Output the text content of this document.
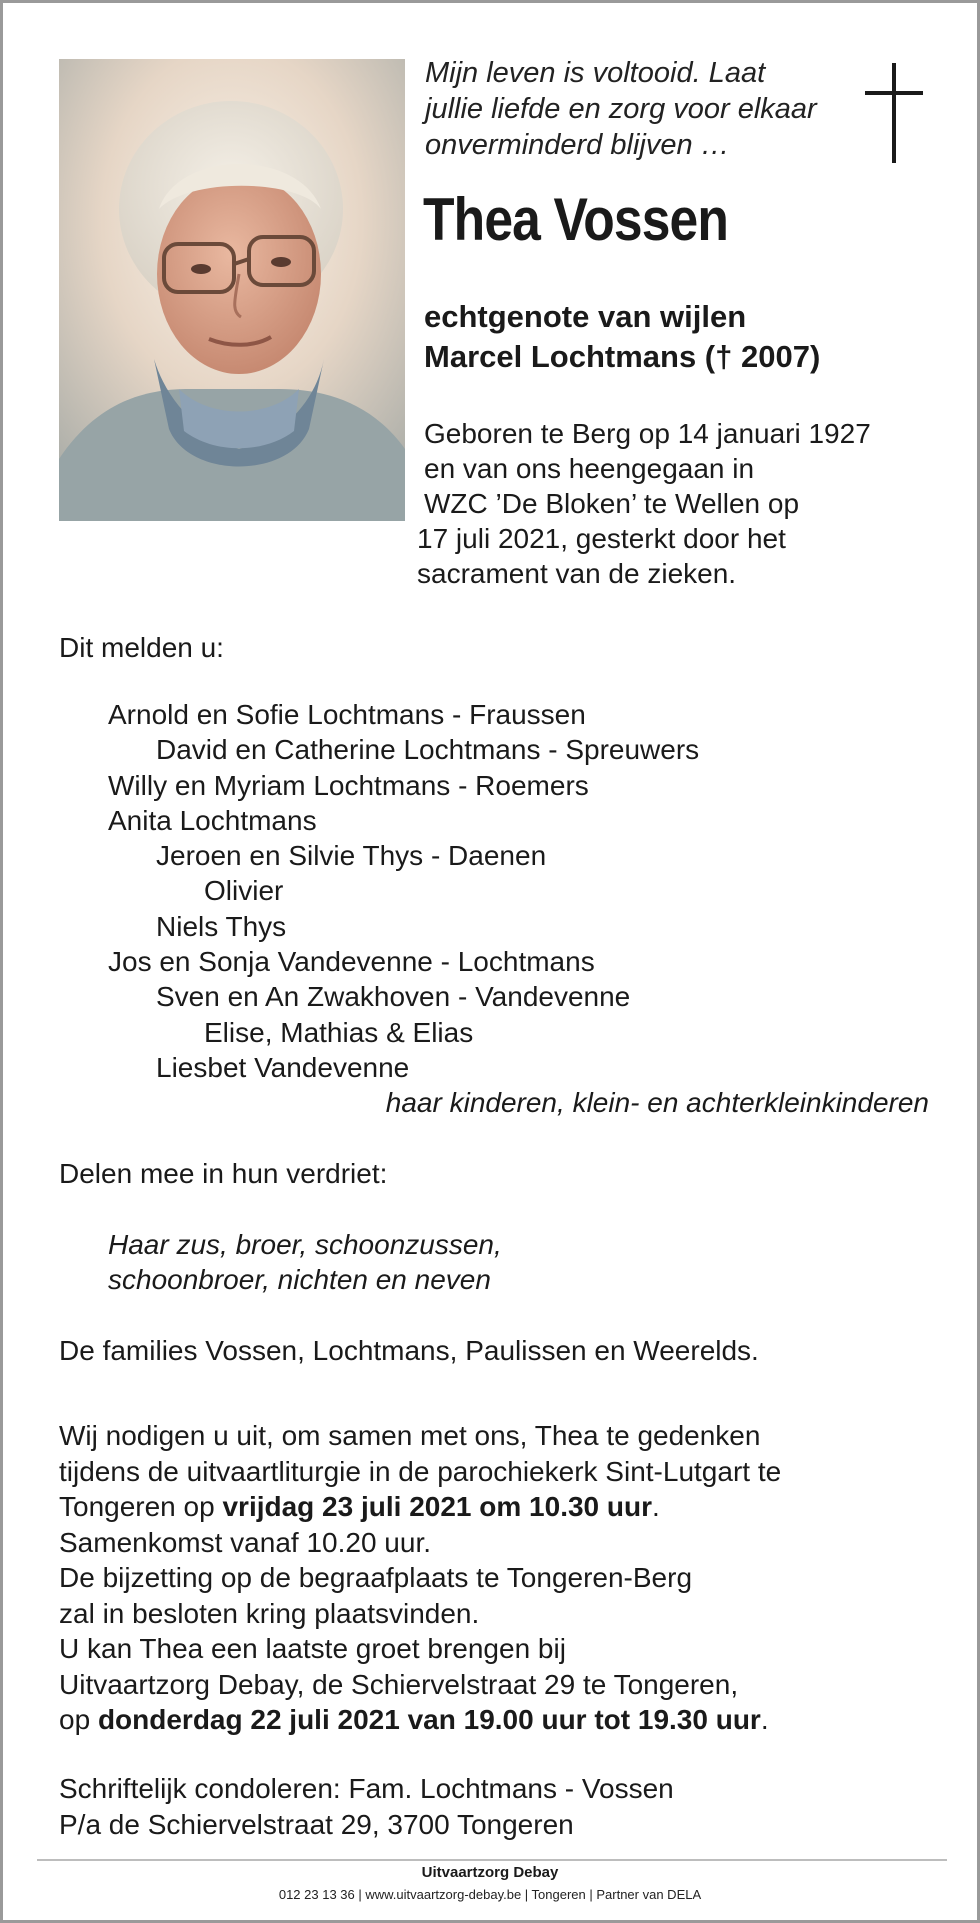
Mijn leven is voltooid. Laat
jullie liefde en zorg voor elkaar
onverminderd blijven …
Thea Vossen
echtgenote van wijlen
Marcel Lochtmans († 2007)
Geboren te Berg op 14 januari 1927
en van ons heengegaan in
WZC ’De Bloken’ te Wellen op
17 juli 2021, gesterkt door het
sacrament van de zieken.
Dit melden u:
Arnold en Sofie Lochtmans - Fraussen
David en Catherine Lochtmans - Spreuwers
Willy en Myriam Lochtmans - Roemers
Anita Lochtmans
Jeroen en Silvie Thys - Daenen
Olivier
Niels Thys
Jos en Sonja Vandevenne - Lochtmans
Sven en An Zwakhoven - Vandevenne
Elise, Mathias & Elias
Liesbet Vandevenne
haar kinderen, klein- en achterkleinkinderen
Delen mee in hun verdriet:
Haar zus, broer, schoonzussen,
schoonbroer, nichten en neven
De families Vossen, Lochtmans, Paulissen en Weerelds.
Wij nodigen u uit, om samen met ons, Thea te gedenken
tijdens de uitvaartliturgie in de parochiekerk Sint-Lutgart te
Tongeren op vrijdag 23 juli 2021 om 10.30 uur.
Samenkomst vanaf 10.20 uur.
De bijzetting op de begraafplaats te Tongeren-Berg
zal in besloten kring plaatsvinden.
U kan Thea een laatste groet brengen bij
Uitvaartzorg Debay, de Schiervelstraat 29 te Tongeren,
op donderdag 22 juli 2021 van 19.00 uur tot 19.30 uur.
Schriftelijk condoleren: Fam. Lochtmans - Vossen
P/a de Schiervelstraat 29, 3700 Tongeren
Uitvaartzorg Debay
012 23 13 36 | www.uitvaartzorg-debay.be | Tongeren | Partner van DELA
